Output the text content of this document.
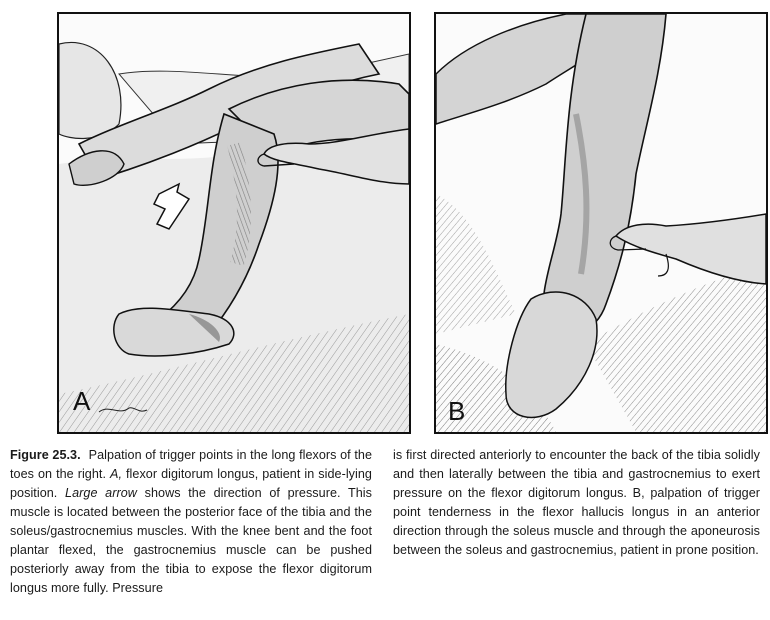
A	B
Figure 25.3. Palpation of trigger points in the long flexors of the toes on the right. A, flexor digitorum longus, patient in side-lying position. Large arrow shows the direction of pressure. This muscle is located between the posterior face of the tibia and the soleus/gastrocnemius muscles. With the knee bent and the foot plantar flexed, the gastrocnemius muscle can be pushed posteriorly away from the tibia to expose the flexor digitorum longus more fully. Pressure
is first directed anteriorly to encounter the back of the tibia solidly and then laterally between the tibia and gastrocnemius to exert pressure on the flexor digitorum longus. B, palpation of trigger point tenderness in the flexor hallucis longus in an anterior direction through the soleus muscle and through the aponeurosis between the soleus and gastrocnemius, patient in prone position.
